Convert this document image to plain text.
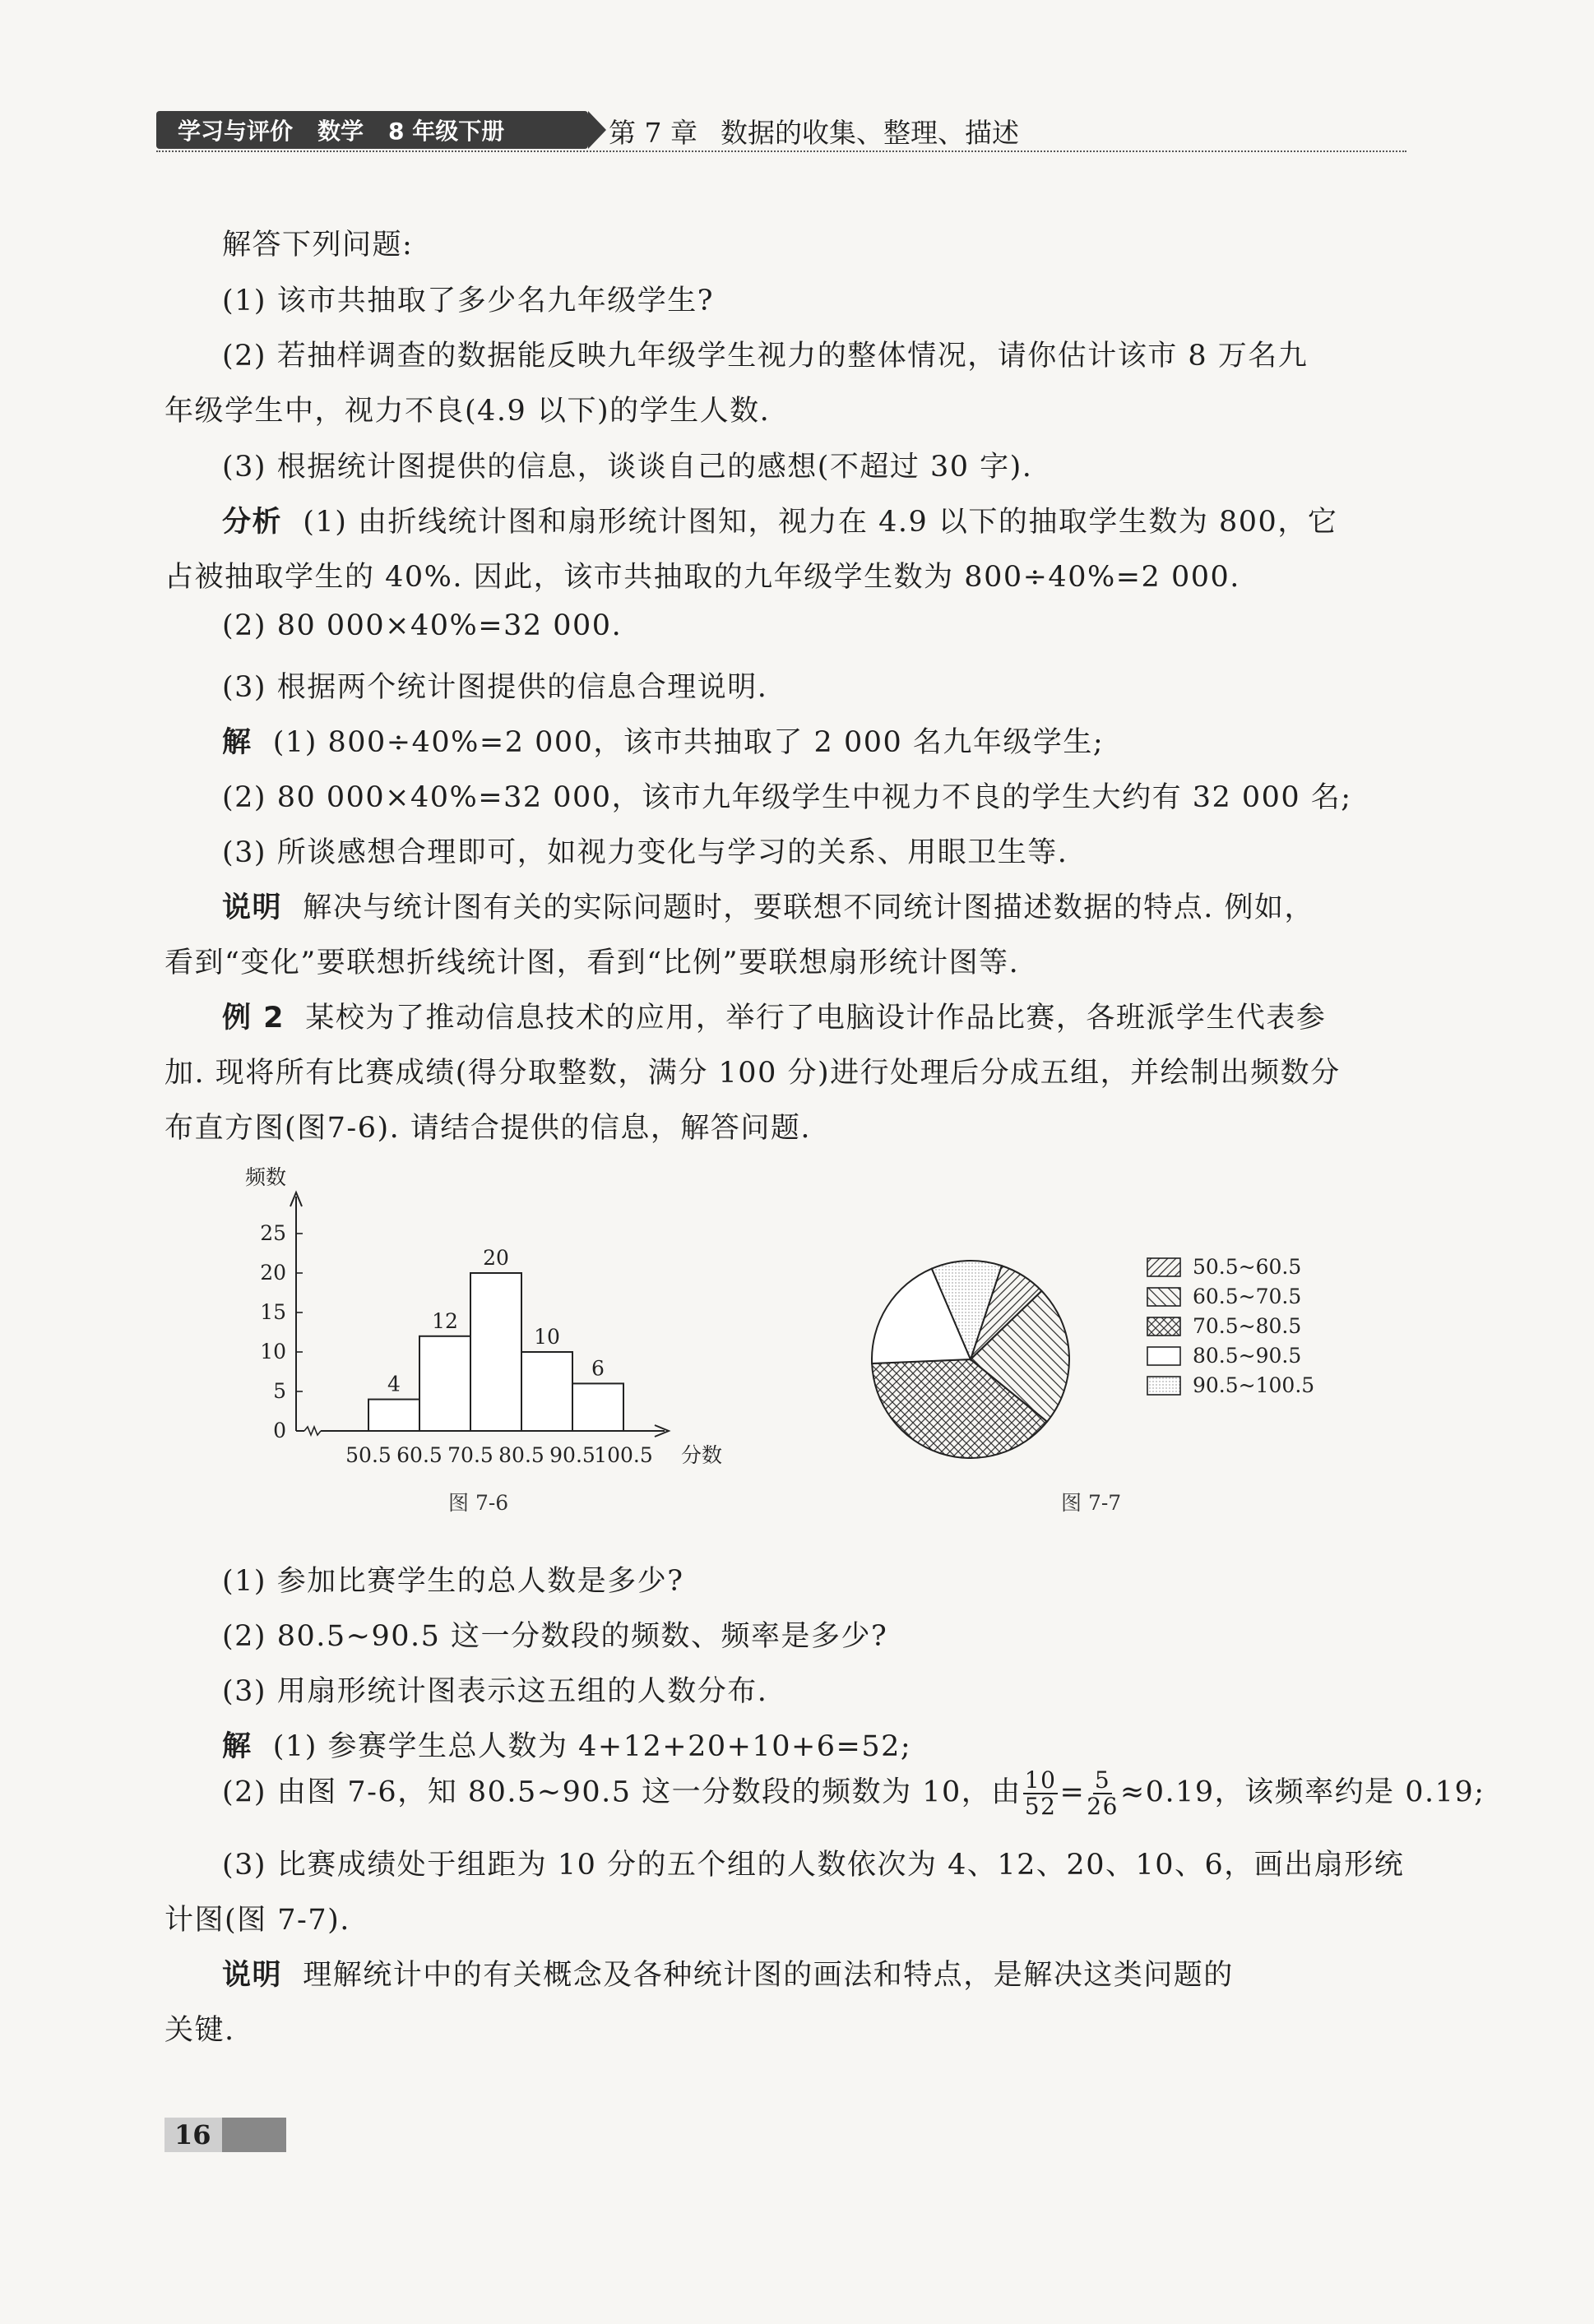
学习与评价 数学 8 年级下册	第 7 章 数据的收集、整理、描述
解答下列问题:
(1) 该市共抽取了多少名九年级学生?
(2) 若抽样调查的数据能反映九年级学生视力的整体情况，请你估计该市 8 万名九
年级学生中，视力不良(4.9 以下)的学生人数.
(3) 根据统计图提供的信息，谈谈自己的感想(不超过 30 字).
分析 (1) 由折线统计图和扇形统计图知，视力在 4.9 以下的抽取学生数为 800，它
占被抽取学生的 40%. 因此，该市共抽取的九年级学生数为 800÷40%=2 000.
(2) 80 000×40%=32 000.
(3) 根据两个统计图提供的信息合理说明.
解 (1) 800÷40%=2 000，该市共抽取了 2 000 名九年级学生;
(2) 80 000×40%=32 000，该市九年级学生中视力不良的学生大约有 32 000 名;
(3) 所谈感想合理即可，如视力变化与学习的关系、用眼卫生等.
说明 解决与统计图有关的实际问题时，要联想不同统计图描述数据的特点. 例如，
看到“变化”要联想折线统计图，看到“比例”要联想扇形统计图等.
例 2 某校为了推动信息技术的应用，举行了电脑设计作品比赛，各班派学生代表参
加. 现将所有比赛成绩(得分取整数，满分 100 分)进行处理后分成五组，并绘制出频数分
布直方图(图7-6). 请结合提供的信息，解答问题.
频数
分数
0
5
10
15
20
25
4
12
20
10
6
50.5 60.5 70.5 80.5 90.5
100.5
图 7-6
50.5~60.5
60.5~70.5
70.5~80.5
80.5~90.5
90.5~100.5
图 7-7
(1) 参加比赛学生的总人数是多少?
(2) 80.5~90.5 这一分数段的频数、频率是多少?
(3) 用扇形统计图表示这五组的人数分布.
解 (1) 参赛学生总人数为 4+12+20+10+6=52;
(2) 由图 7-6，知 80.5~90.5 这一分数段的频数为 10，由 $\frac{10}{52} = \frac{5}{26} \approx 0.19$，该频率约是 0.19;
(3) 比赛成绩处于组距为 10 分的五个组的人数依次为 4、12、20、10、6，画出扇形统
计图(图 7-7).
说明 理解统计中的有关概念及各种统计图的画法和特点，是解决这类问题的
关键.
16
